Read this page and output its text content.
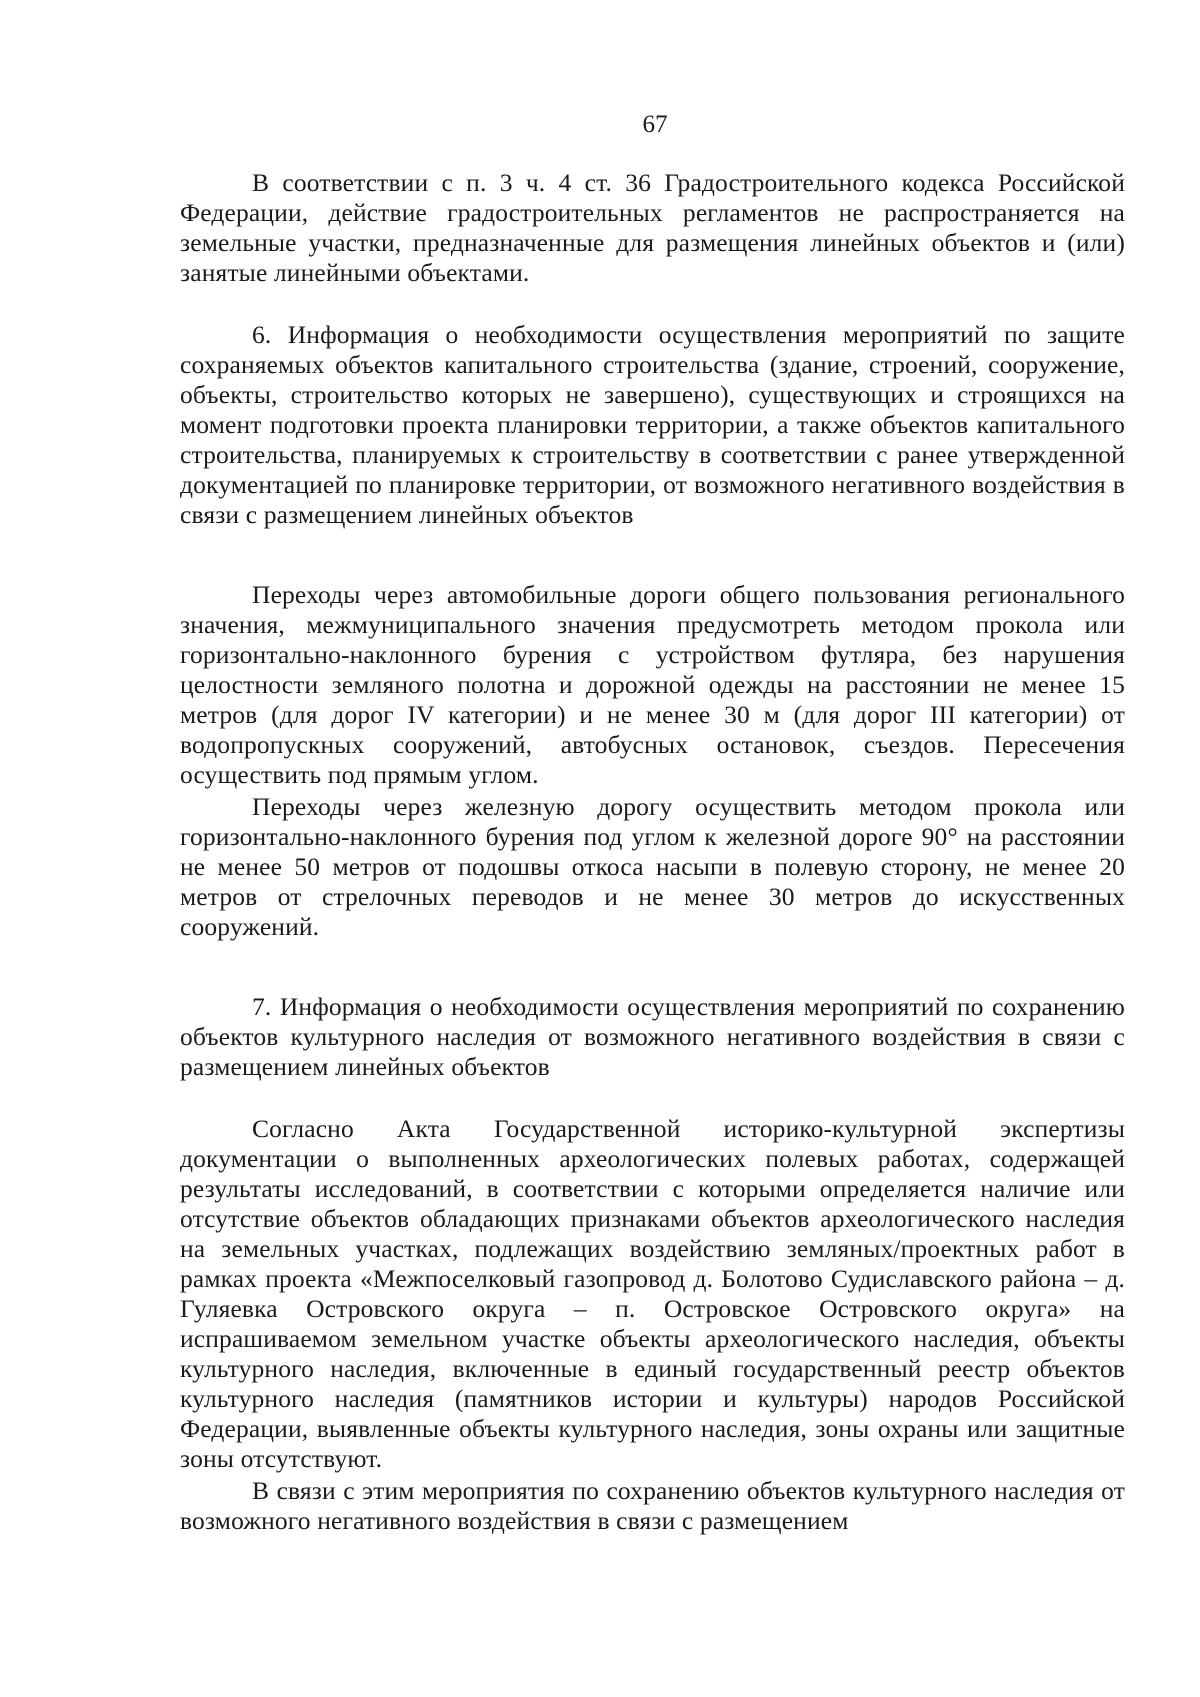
67

В соответствии с п. 3 ч. 4 ст. 36 Градостроительного кодекса Российской Федерации, действие градостроительных регламентов не распространяется на земельные участки, предназначенные для размещения линейных объектов и (или) занятые линейными объектами.

6. Информация о необходимости осуществления мероприятий по защите сохраняемых объектов капитального строительства (здание, строений, сооружение, объекты, строительство которых не завершено), существующих и строящихся на момент подготовки проекта планировки территории, а также объектов капитального строительства, планируемых к строительству в соответствии с ранее утвержденной документацией по планировке территории, от возможного негативного воздействия в связи с размещением линейных объектов

Переходы через автомобильные дороги общего пользования регионального значения, межмуниципального значения предусмотреть методом прокола или горизонтально-наклонного бурения с устройством футляра, без нарушения целостности земляного полотна и дорожной одежды на расстоянии не менее 15 метров (для дорог IV категории) и не менее 30 м (для дорог III категории) от водопропускных сооружений, автобусных остановок, съездов. Пересечения осуществить под прямым углом.

Переходы через железную дорогу осуществить методом прокола или горизонтально-наклонного бурения под углом к железной дороге 90° на расстоянии не менее 50 метров от подошвы откоса насыпи в полевую сторону, не менее 20 метров от стрелочных переводов и не менее 30 метров до искусственных сооружений.

7. Информация о необходимости осуществления мероприятий по сохранению объектов культурного наследия от возможного негативного воздействия в связи с размещением линейных объектов

Согласно Акта Государственной историко-культурной экспертизы документации о выполненных археологических полевых работах, содержащей результаты исследований, в соответствии с которыми определяется наличие или отсутствие объектов обладающих признаками объектов археологического наследия на земельных участках, подлежащих воздействию земляных/проектных работ в рамках проекта «Межпоселковый газопровод д. Болотово Судиславского района – д. Гуляевка Островского округа – п. Островское Островского округа» на испрашиваемом земельном участке объекты археологического наследия, объекты культурного наследия, включенные в единый государственный реестр объектов культурного наследия (памятников истории и культуры) народов Российской Федерации, выявленные объекты культурного наследия, зоны охраны или защитные зоны отсутствуют.

В связи с этим мероприятия по сохранению объектов культурного наследия от возможного негативного воздействия в связи с размещением
